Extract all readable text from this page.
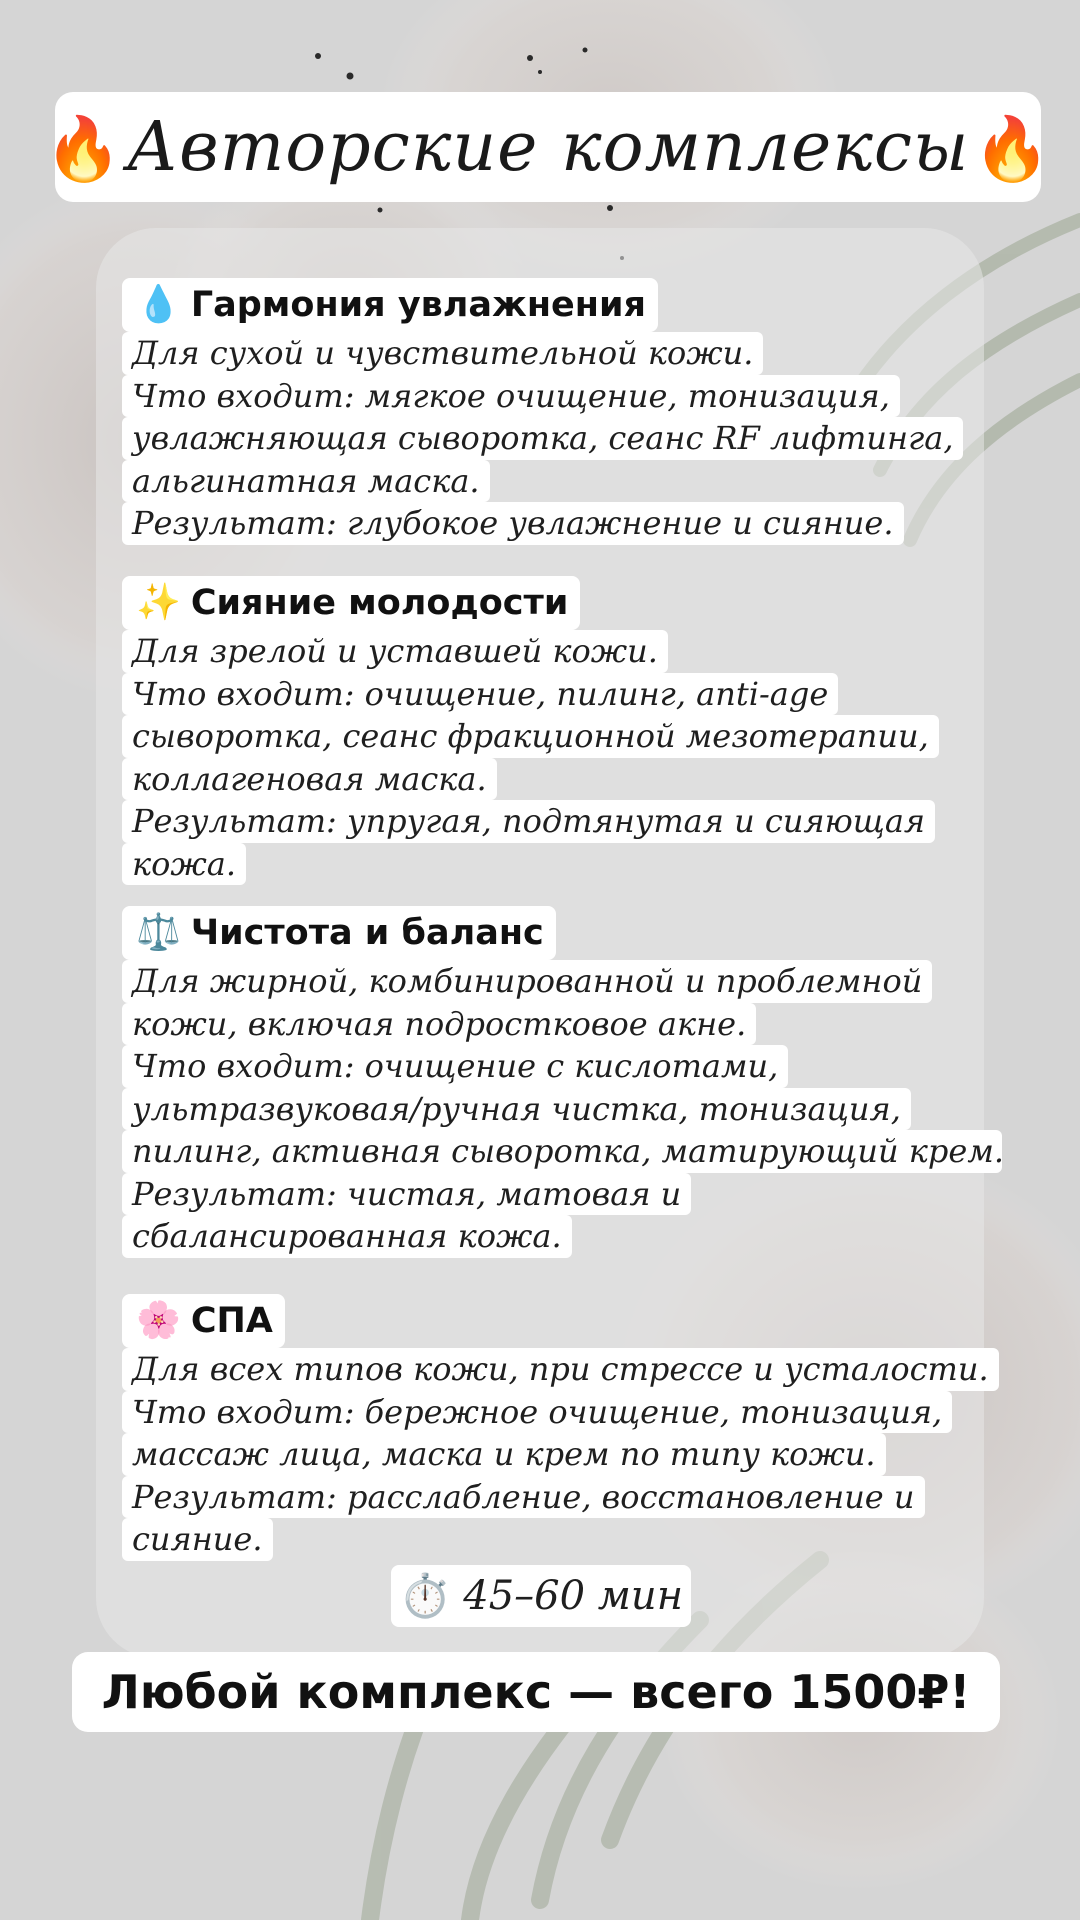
🔥Авторские комплексы🔥
💧 Гармония увлажнения
Для сухой и чувствительной кожи.
Что входит: мягкое очищение, тонизация,
увлажняющая сыворотка, сеанс RF лифтинга,
альгинатная маска.
Результат: глубокое увлажнение и сияние.
✨ Сияние молодости
Для зрелой и уставшей кожи.
Что входит: очищение, пилинг, anti-age
сыворотка, сеанс фракционной мезотерапии,
коллагеновая маска.
Результат: упругая, подтянутая и сияющая
кожа.
⚖️ Чистота и баланс
Для жирной, комбинированной и проблемной
кожи, включая подростковое акне.
Что входит: очищение с кислотами,
ультразвуковая/ручная чистка, тонизация,
пилинг, активная сыворотка, матирующий крем.
Результат: чистая, матовая и
сбалансированная кожа.
🌸 СПА
Для всех типов кожи, при стрессе и усталости.
Что входит: бережное очищение, тонизация,
массаж лица, маска и крем по типу кожи.
Результат: расслабление, восстановление и
сияние.
⏱️ 45–60 мин
Любой комплекс — всего 1500₽!
